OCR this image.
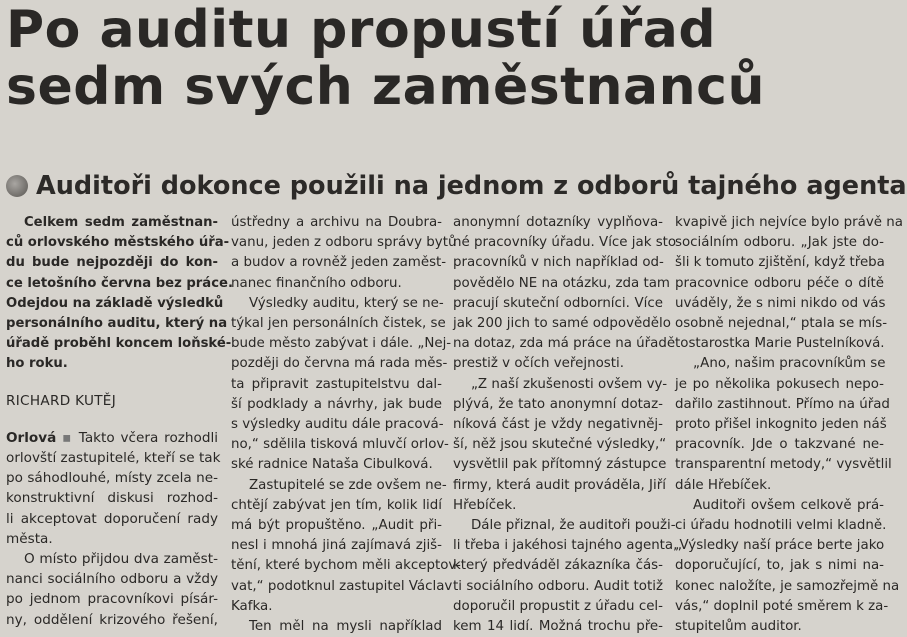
Po auditu propustí úřad
sedm svých zaměstnanců
Auditoři dokonce použili na jednom z odborů tajného agenta
Celkem sedm zaměstnan-
ců orlovského městského úřa-
du bude nejpozději do kon-
ce letošního června bez práce.
Odejdou na základě výsledků
personálního auditu, který na
úřadě proběhl koncem loňské-
ho roku.
RICHARD KUTĚJ
Orlová ▪ Takto včera rozhodli
orlovští zastupitelé, kteří se tak
po sáhodlouhé, místy zcela ne-
konstruktivní diskusi rozhod-
li akceptovat doporučení rady
města.
O místo přijdou dva zaměst-
nanci sociálního odboru a vždy
po jednom pracovníkovi písár-
ny, oddělení krizového řešení,
ústředny a archivu na Doubra-
vanu, jeden z odboru správy bytů
a budov a rovněž jeden zaměst-
nanec finančního odboru.
Výsledky auditu, který se ne-
týkal jen personálních čistek, se
bude město zabývat i dále. „Nej-
později do června má rada měs-
ta připravit zastupitelstvu dal-
ší podklady a návrhy, jak bude
s výsledky auditu dále pracová-
no,“ sdělila tisková mluvčí orlov-
ské radnice Nataša Cibulková.
Zastupitelé se zde ovšem ne-
chtějí zabývat jen tím, kolik lidí
má být propuštěno. „Audit při-
nesl i mnohá jiná zajímavá zjiš-
tění, které bychom měli akceptov-
vat,“ podotknul zastupitel Václav
Kafka.
Ten měl na mysli například
anonymní dotazníky vyplňova-
né pracovníky úřadu. Více jak sto
pracovníků v nich například od-
povědělo NE na otázku, zda tam
pracují skuteční odborníci. Více
jak 200 jich to samé odpovědělo
na dotaz, zda má práce na úřadě
prestiž v očích veřejnosti.
„Z naší zkušenosti ovšem vy-
plývá, že tato anonymní dotaz-
níková část je vždy negativněj-
ší, něž jsou skutečné výsledky,“
vysvětlil pak přítomný zástupce
firmy, která audit prováděla, Jiří
Hřebíček.
Dále přiznal, že auditoři použi-
li třeba i jakéhosi tajného agenta,
který předváděl zákazníka čás-
ti sociálního odboru. Audit totiž
doporučil propustit z úřadu cel-
kem 14 lidí. Možná trochu pře-
kvapivě jich nejvíce bylo právě na
sociálním odboru. „Jak jste do-
šli k tomuto zjištění, když třeba
pracovnice odboru péče o dítě
uváděly, že s nimi nikdo od vás
osobně nejednal,“ ptala se mís-
tostarostka Marie Pustelníková.
„Ano, našim pracovníkům se
je po několika pokusech nepo-
dařilo zastihnout. Přímo na úřad
proto přišel inkognito jeden náš
pracovník. Jde o takzvané ne-
transparentní metody,“ vysvětlil
dále Hřebíček.
Auditoři ovšem celkově prá-
ci úřadu hodnotili velmi kladně.
„Výsledky naší práce berte jako
doporučující, to, jak s nimi na-
konec naložíte, je samozřejmě na
vás,“ doplnil poté směrem k za-
stupitelům auditor.
